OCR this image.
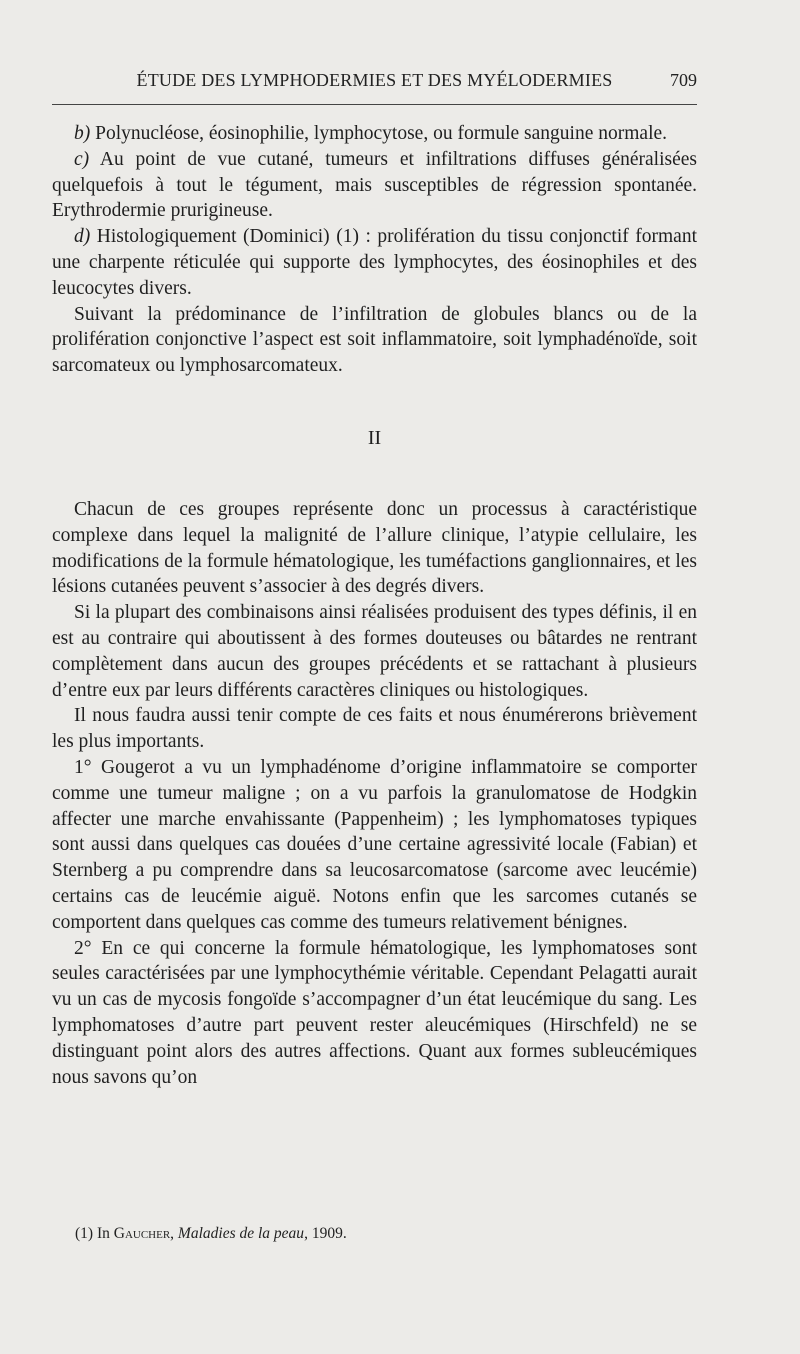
ÉTUDE DES LYMPHODERMIES ET DES MYÉLODERMIES	709

b) Polynucléose, éosinophilie, lymphocytose, ou formule sanguine normale.

c) Au point de vue cutané, tumeurs et infiltrations diffuses généralisées quelquefois à tout le tégument, mais susceptibles de régression spontanée. Erythrodermie prurigineuse.

d) Histologiquement (Dominici) (1) : prolifération du tissu conjonctif formant une charpente réticulée qui supporte des lymphocytes, des éosinophiles et des leucocytes divers.

Suivant la prédominance de l’infiltration de globules blancs ou de la prolifération conjonctive l’aspect est soit inflammatoire, soit lymphadénoïde, soit sarcomateux ou lymphosarcomateux.

II

Chacun de ces groupes représente donc un processus à caractéristique complexe dans lequel la malignité de l’allure clinique, l’atypie cellulaire, les modifications de la formule hématologique, les tuméfactions ganglionnaires, et les lésions cutanées peuvent s’associer à des degrés divers.

Si la plupart des combinaisons ainsi réalisées produisent des types définis, il en est au contraire qui aboutissent à des formes douteuses ou bâtardes ne rentrant complètement dans aucun des groupes précédents et se rattachant à plusieurs d’entre eux par leurs différents caractères cliniques ou histologiques.

Il nous faudra aussi tenir compte de ces faits et nous énumérerons brièvement les plus importants.

1° Gougerot a vu un lymphadénome d’origine inflammatoire se comporter comme une tumeur maligne ; on a vu parfois la granulomatose de Hodgkin affecter une marche envahissante (Pappenheim) ; les lymphomatoses typiques sont aussi dans quelques cas douées d’une certaine agressivité locale (Fabian) et Sternberg a pu comprendre dans sa leucosarcomatose (sarcome avec leucémie) certains cas de leucémie aiguë. Notons enfin que les sarcomes cutanés se comportent dans quelques cas comme des tumeurs relativement bénignes.

2° En ce qui concerne la formule hématologique, les lymphomatoses sont seules caractérisées par une lymphocythémie véritable. Cependant Pelagatti aurait vu un cas de mycosis fongoïde s’accompagner d’un état leucémique du sang. Les lymphomatoses d’autre part peuvent rester aleucémiques (Hirschfeld) ne se distinguant point alors des autres affections. Quant aux formes subleucémiques nous savons qu’on

(1) In Gaucher, Maladies de la peau, 1909.
